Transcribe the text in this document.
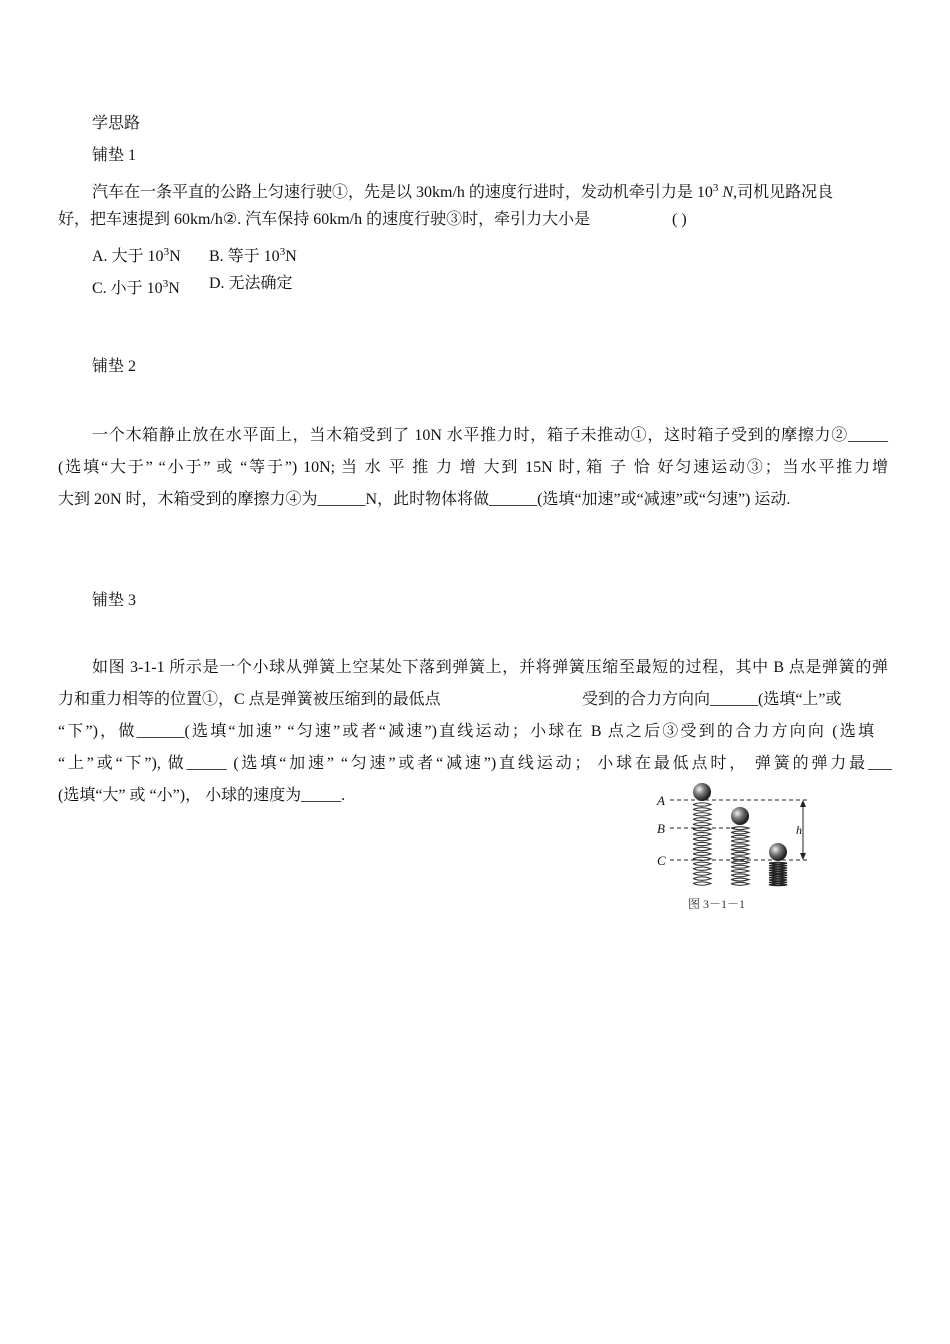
学思路
铺垫 1
汽车在一条平直的公路上匀速行驶①，先是以 30km/h 的速度行进时，发动机牵引力是 $10^3$ N,司机见路况良
好，把车速提到 60km/h②. 汽车保持 60km/h 的速度行驶③时，牵引力大小是	( )
A. 大于 $10^3N$ B. 等于 $10^3N$
C. 小于 $10^3N$ D. 无法确定
铺垫 2
一个木箱静止放在水平面上，当木箱受到了 10N 水平推力时，箱子未推动①，这时箱子受到的摩擦力②_____
(选填“大于” “小于” 或 “等于”) 10N; 当 水 平 推 力 增 大到 15N 时, 箱 子 恰 好匀速运动③；当水平推力增
大到 20N 时，木箱受到的摩擦力④为______N，此时物体将做______(选填“加速”或“减速”或“匀速”) 运动.
铺垫 3
如图 3-1-1 所示是一个小球从弹簧上空某处下落到弹簧上，并将弹簧压缩至最短的过程，其中 B 点是弹簧的弹
力和重力相等的位置①，C 点是弹簧被压缩到的最低点	受到的合力方向向______(选填“上”或
“下”)，做______(选填“加速” “匀速”或者“减速”)直线运动；小球在 B 点之后③受到的合力方向向 (选填
“上”或“下”), 做_____ (选填“加速” “匀速”或者“减速”)直线运动； 小球在最低点时， 弹簧的弹力最___
(选填“大” 或 “小”)， 小球的速度为_____.	A
B
C
h
图 3－1－1
